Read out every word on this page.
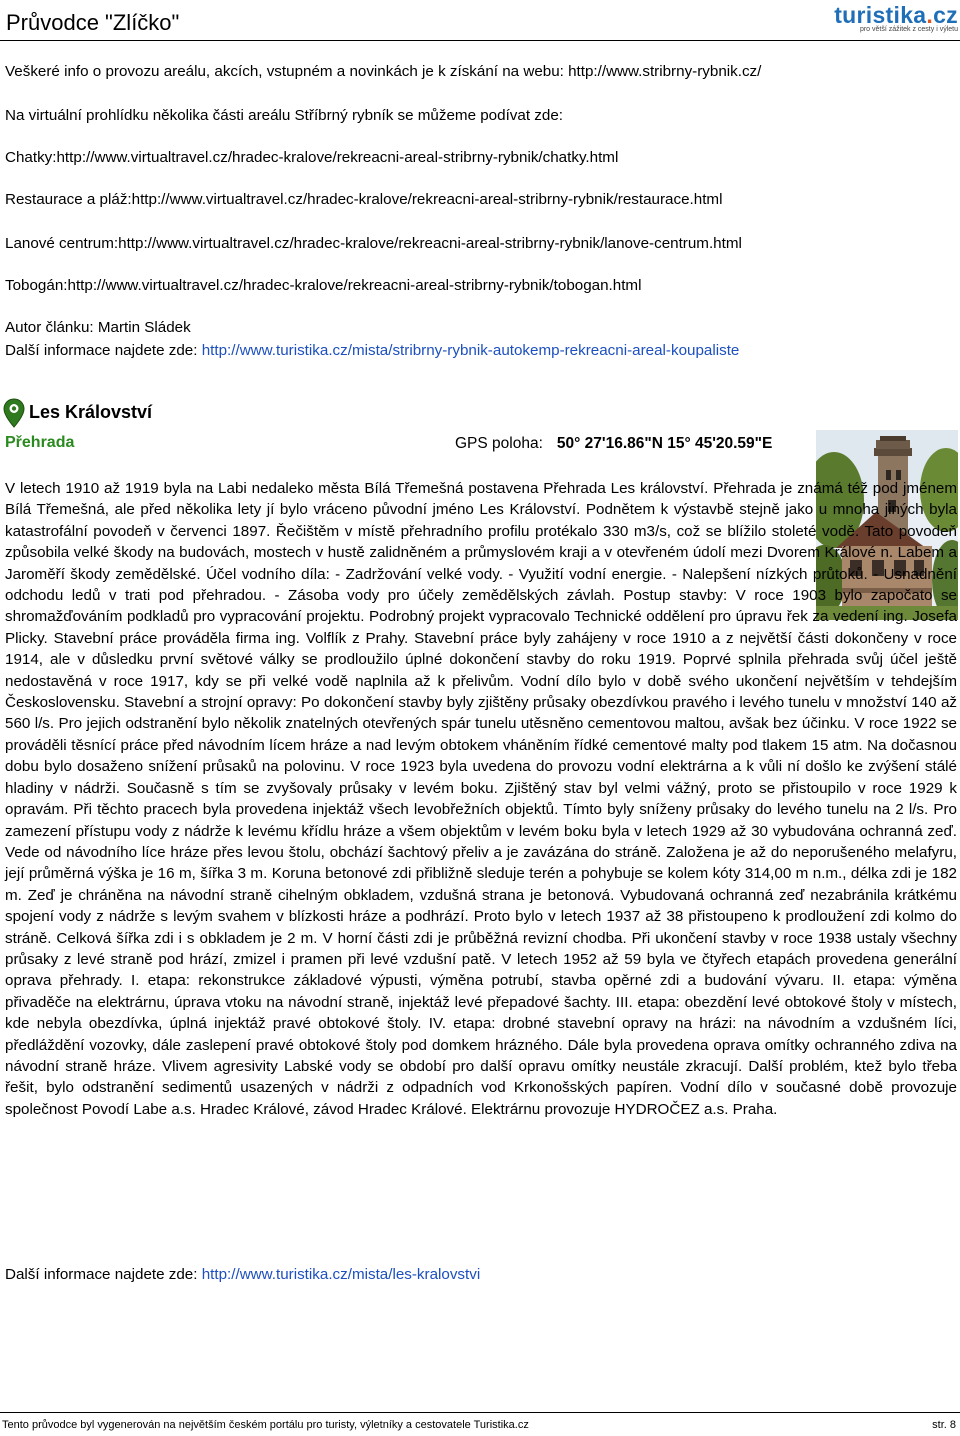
Průvodce "Zlíčko"	turistika.cz
pro větší zážitek z cesty i výletu
Veškeré info o provozu areálu, akcích, vstupném a novinkách je k získání na webu: http://www.stribrny-rybnik.cz/
Na virtuální prohlídku několika části areálu Stříbrný rybník se můžeme podívat zde:
Chatky:http://www.virtualtravel.cz/hradec-kralove/rekreacni-areal-stribrny-rybnik/chatky.html
Restaurace a pláž:http://www.virtualtravel.cz/hradec-kralove/rekreacni-areal-stribrny-rybnik/restaurace.html
Lanové centrum:http://www.virtualtravel.cz/hradec-kralove/rekreacni-areal-stribrny-rybnik/lanove-centrum.html
Tobogán:http://www.virtualtravel.cz/hradec-kralove/rekreacni-areal-stribrny-rybnik/tobogan.html
Autor článku: Martin Sládek
Další informace najdete zde: http://www.turistika.cz/mista/stribrny-rybnik-autokemp-rekreacni-areal-koupaliste
Les Království
Přehrada	GPS poloha: 50° 27'16.86"N 15° 45'20.59"E

V letech 1910 až 1919 byla na Labi nedaleko města Bílá Třemešná postavena Přehrada Les království. Přehrada je známá též pod jménem Bílá Třemešná, ale před několika lety jí bylo vráceno původní jméno Les Království. Podnětem k výstavbě stejně jako u mnoha jiných byla katastrofální povodeň v červenci 1897. Řečištěm v místě přehradního profilu protékalo 330 m3/s, což se blížilo stoleté vodě. Tato povodeň způsobila velké škody na budovách, mostech v hustě zalidněném a průmyslovém kraji a v otevřeném údolí mezi Dvorem Králové n. Labem a Jaroměří škody zemědělské. Účel vodního díla: - Zadržování velké vody. - Využití vodní energie. - Nalepšení nízkých průtoků. - Usnadnění odchodu ledů v trati pod přehradou. - Zásoba vody pro účely zemědělských závlah. Postup stavby: V roce 1903 bylo započato se shromažďováním podkladů pro vypracování projektu. Podrobný projekt vypracovalo Technické oddělení pro úpravu řek za vedení ing. Josefa Plicky. Stavební práce prováděla firma ing. Volflík z Prahy. Stavební práce byly zahájeny v roce 1910 a z největší části dokončeny v roce 1914, ale v důsledku první světové války se prodloužilo úplné dokončení stavby do roku 1919. Poprvé splnila přehrada svůj účel ještě nedostavěná v roce 1917, kdy se při velké vodě naplnila až k přelivům. Vodní dílo bylo v době svého ukončení největším v tehdejším Československu. Stavební a strojní opravy: Po dokončení stavby byly zjištěny průsaky obezdívkou pravého i levého tunelu v množství 140 až 560 l/s. Pro jejich odstranění bylo několik znatelných otevřených spár tunelu utěsněno cementovou maltou, avšak bez účinku. V roce 1922 se prováděli těsnící práce před návodním lícem hráze a nad levým obtokem vháněním řídké cementové malty pod tlakem 15 atm. Na dočasnou dobu bylo dosaženo snížení průsaků na polovinu. V roce 1923 byla uvedena do provozu vodní elektrárna a k vůli ní došlo ke zvýšení stálé hladiny v nádrži. Současně s tím se zvyšovaly průsaky v levém boku. Zjištěný stav byl velmi vážný, proto se přistoupilo v roce 1929 k opravám. Při těchto pracech byla provedena injektáž všech levobřežních objektů. Tímto byly sníženy průsaky do levého tunelu na 2 l/s. Pro zamezení přístupu vody z nádrže k levému křídlu hráze a všem objektům v levém boku byla v letech 1929 až 30 vybudována ochranná zeď. Vede od návodního líce hráze přes levou štolu, obchází šachtový přeliv a je zavázána do stráně. Založena je až do neporušeného melafyru, její průměrná výška je 16 m, šířka 3 m. Koruna betonové zdi přibližně sleduje terén a pohybuje se kolem kóty 314,00 m n.m., délka zdi je 182 m. Zeď je chráněna na návodní straně cihelným obkladem, vzdušná strana je betonová. Vybudovaná ochranná zeď nezabránila krátkému spojení vody z nádrže s levým svahem v blízkosti hráze a podhrází. Proto bylo v letech 1937 až 38 přistoupeno k prodloužení zdi kolmo do stráně. Celková šířka zdi i s obkladem je 2 m. V horní části zdi je průběžná revizní chodba. Při ukončení stavby v roce 1938 ustaly všechny průsaky z levé straně pod hrází, zmizel i pramen při levé vzdušní patě. V letech 1952 až 59 byla ve čtyřech etapách provedena generální oprava přehrady. I. etapa: rekonstrukce základové výpusti, výměna potrubí, stavba opěrné zdi a budování vývaru. II. etapa: výměna přivaděče na elektrárnu, úprava vtoku na návodní straně, injektáž levé přepadové šachty. III. etapa: obezdění levé obtokové štoly v místech, kde nebyla obezdívka, úplná injektáž pravé obtokové štoly. IV. etapa: drobné stavební opravy na hrázi: na návodním a vzdušném líci, předláždění vozovky, dále zaslepení pravé obtokové štoly pod domkem hrázného. Dále byla provedena oprava omítky ochranného zdiva na návodní straně hráze. Vlivem agresivity Labské vody se období pro další opravu omítky neustále zkracují. Další problém, ktež bylo třeba řešit, bylo odstranění sedimentů usazených v nádrži z odpadních vod Krkonošských papíren. Vodní dílo v současné době provozuje společnost Povodí Labe a.s. Hradec Králové, závod Hradec Králové. Elektrárnu provozuje HYDROČEZ a.s. Praha.

Další informace najdete zde: http://www.turistika.cz/mista/les-kralovstvi
Tento průvodce byl vygenerován na největším českém portálu pro turisty, výletníky a cestovatele Turistika.cz	str. 8
